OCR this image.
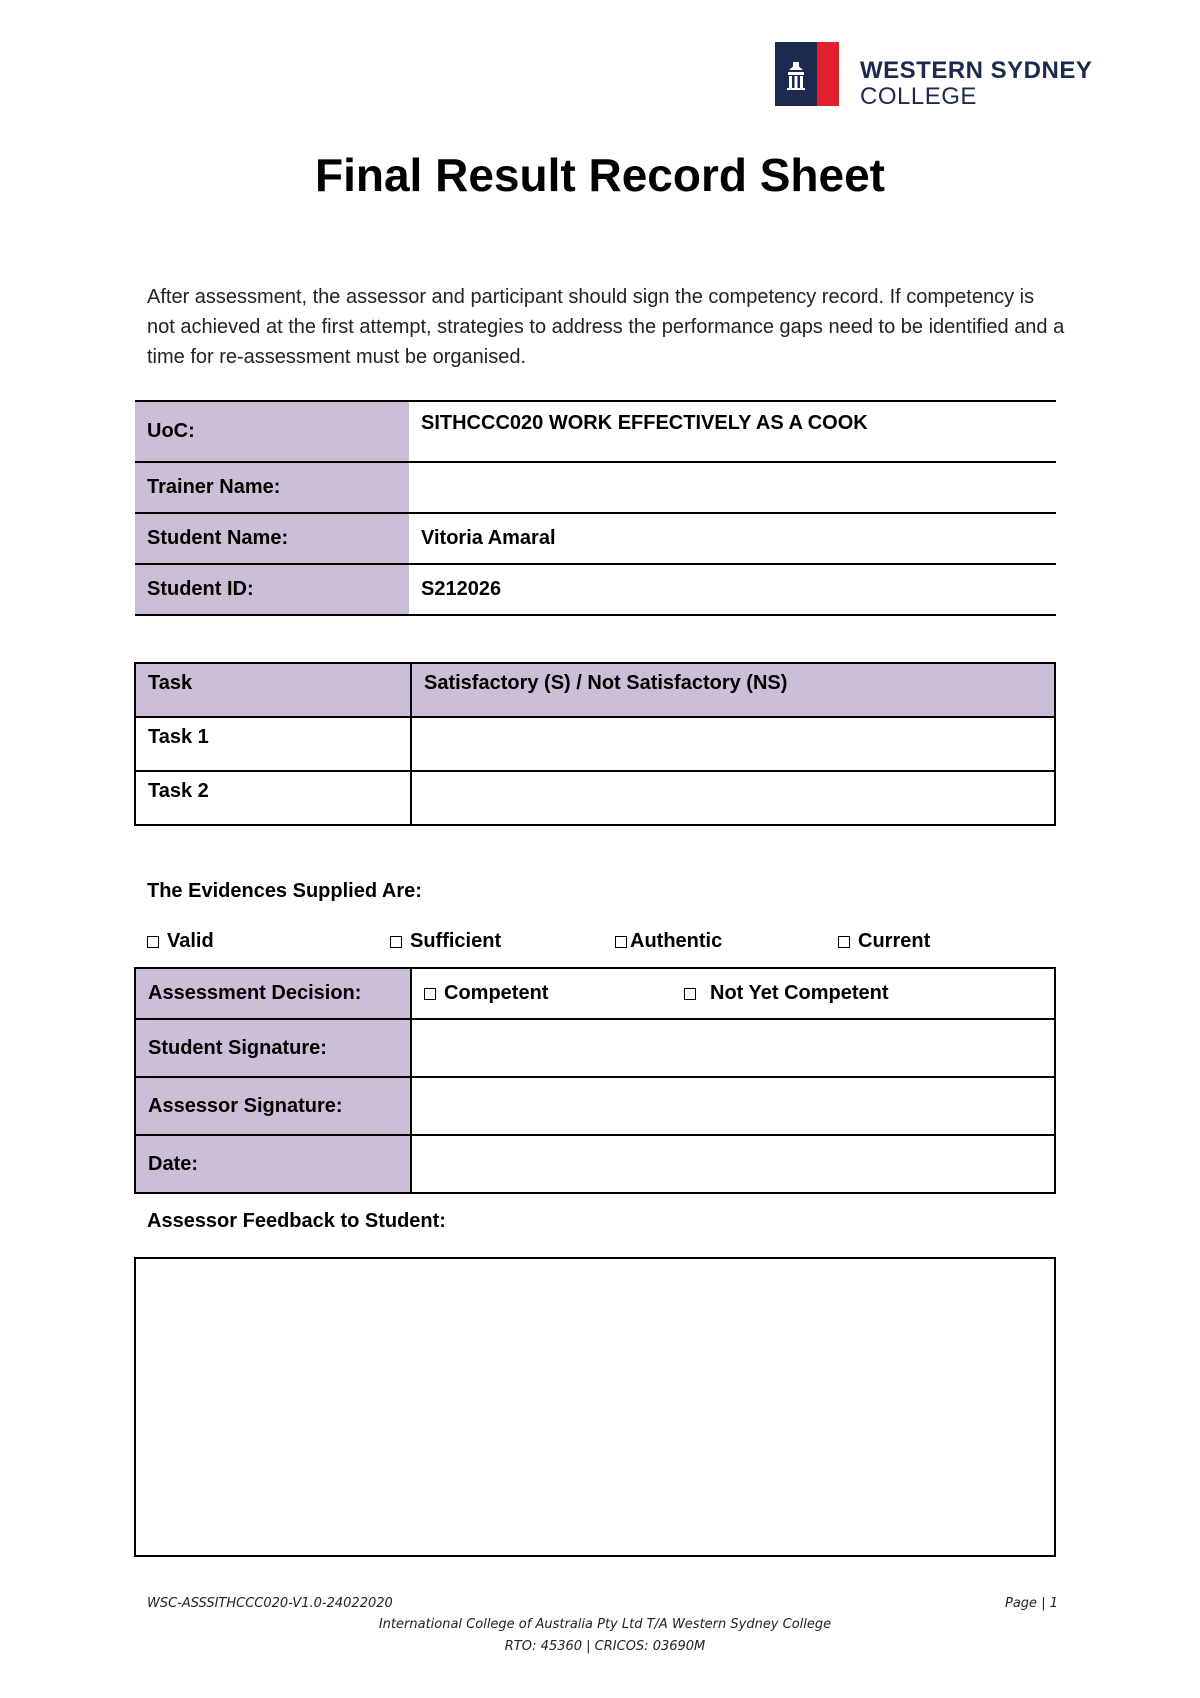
WESTERN SYDNEY
COLLEGE
Final Result Record Sheet
After assessment, the assessor and participant should sign the competency record. If competency is not achieved at the first attempt, strategies to address the performance gaps need to be identified and a time for re-assessment must be organised.
UoC:	SITHCCC020 WORK EFFECTIVELY AS A COOK
Trainer Name:	
Student Name:	Vitoria Amaral
Student ID:	S212026
Task	Satisfactory (S) / Not Satisfactory (NS)
Task 1	
Task 2	
The Evidences Supplied Are:
Valid	Sufficient	Authentic	Current
Assessment Decision:	Competent Not Yet Competent

Student Signature:	
Assessor Signature:	
Date:	
Assessor Feedback to Student:
WSC-ASSSITHCCC020-V1.0-24022020	Page | 1
International College of Australia Pty Ltd T/A Western Sydney College
RTO: 45360 | CRICOS: 03690M
